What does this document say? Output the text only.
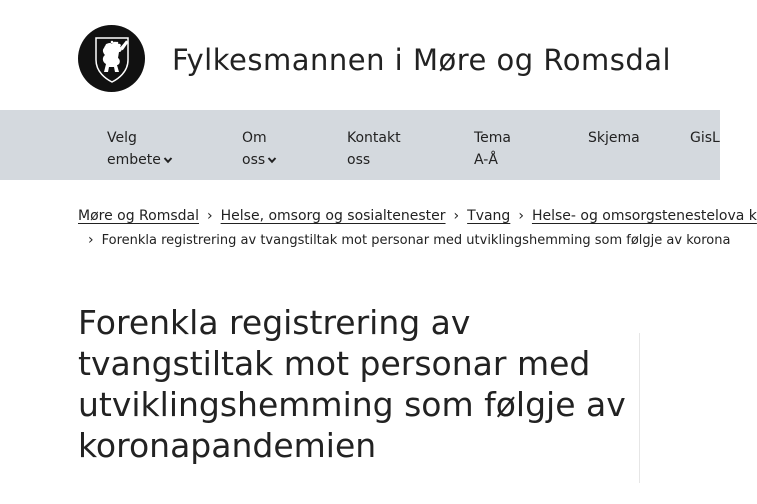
Fylkesmannen i Møre og Romsdal
Velg
embete
Om
oss
Kontakt
oss
Tema
A-Å
Skjema	GisL
Møre og Romsdal › Helse, omsorg og sosialtenester › Tvang › Helse- og omsorgstenestelova k
› Forenkla registrering av tvangstiltak mot personar med utviklingshemming som følgje av korona
Forenkla registrering av tvangstiltak mot personar med utviklingshemming som følgje av koronapandemien
